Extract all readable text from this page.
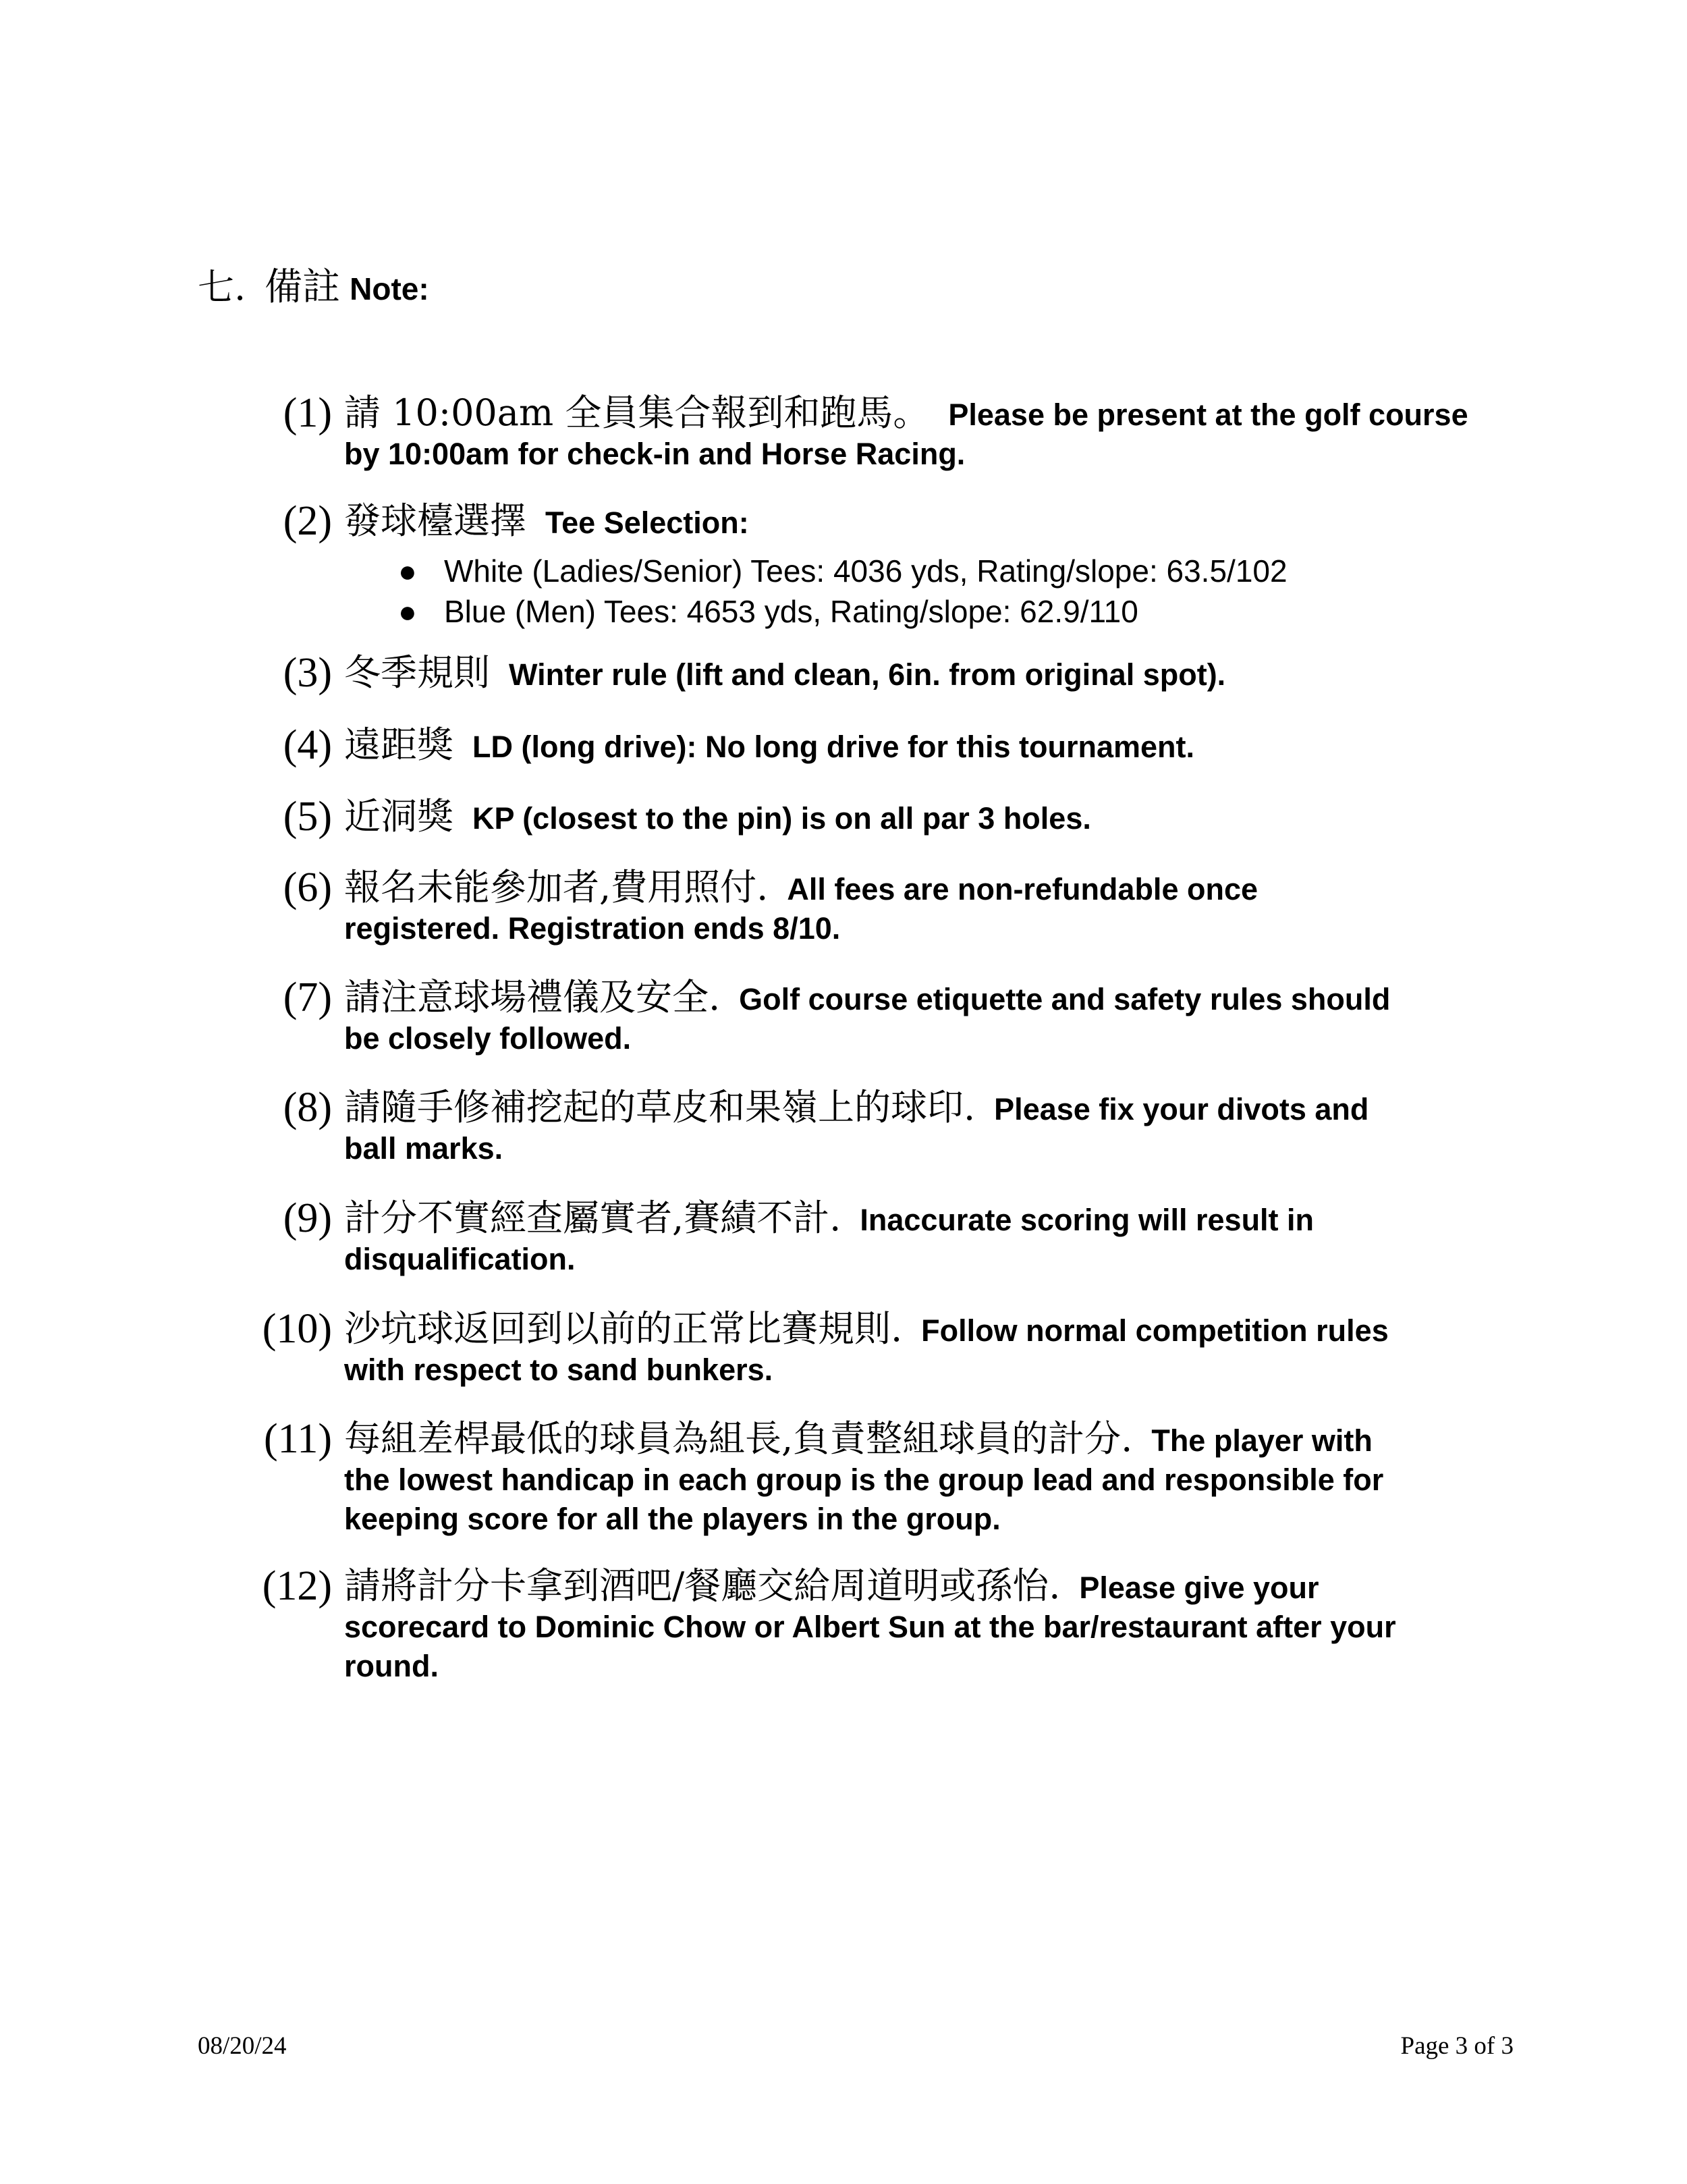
七. 備註 Note:
(1) 請 10:00am 全員集合報到和跑馬。 Please be present at the golf course
by 10:00am for check-in and Horse Racing.
(2) 發球檯選擇 Tee Selection:
● White (Ladies/Senior) Tees: 4036 yds, Rating/slope: 63.5/102
● Blue (Men) Tees: 4653 yds, Rating/slope: 62.9/110
(3) 冬季規則 Winter rule (lift and clean, 6in. from original spot).
(4) 遠距獎 LD (long drive): No long drive for this tournament.
(5) 近洞獎 KP (closest to the pin) is on all par 3 holes.
(6) 報名未能參加者,費用照付. All fees are non-refundable once
registered. Registration ends 8/10.
(7) 請注意球場禮儀及安全. Golf course etiquette and safety rules should
be closely followed.
(8) 請隨手修補挖起的草皮和果嶺上的球印. Please fix your divots and
ball marks.
(9) 計分不實經查屬實者,賽績不計. Inaccurate scoring will result in
disqualification.
(10) 沙坑球返回到以前的正常比賽規則. Follow normal competition rules
with respect to sand bunkers.
(11) 每組差桿最低的球員為組長,負責整組球員的計分. The player with
the lowest handicap in each group is the group lead and responsible for
keeping score for all the players in the group.
(12) 請將計分卡拿到酒吧/餐廳交給周道明或孫怡. Please give your
scorecard to Dominic Chow or Albert Sun at the bar/restaurant after your
round.
08/20/24	Page 3 of 3
